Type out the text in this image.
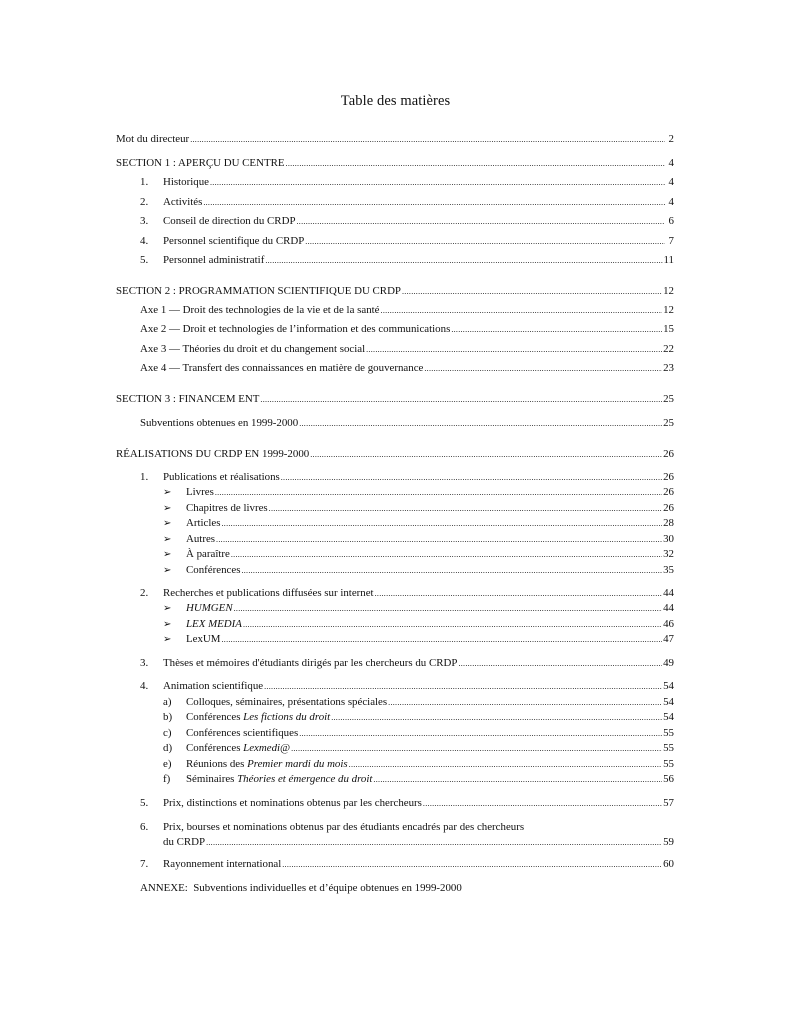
Table des matières
Mot du directeur .....	2
SECTION 1 : APERÇU DU CENTRE .....	4
1.	Historique .....	4
2.	Activités .....	4
3.	Conseil de direction du CRDP .....	6
4.	Personnel scientifique du CRDP .....	7
5.	Personnel administratif .....	11
SECTION 2 : PROGRAMMATION SCIENTIFIQUE DU CRDP .....	12
Axe 1 — Droit des technologies de la vie et de la santé .....	12
Axe 2 — Droit et technologies de l’information et des communications .....	15
Axe 3 — Théories du droit et du changement social .....	22
Axe 4 — Transfert des connaissances en matière de gouvernance .....	23
SECTION 3 : FINANCEM ENT .....	25
Subventions obtenues en 1999-2000 .....	25
RÉALISATIONS DU CRDP EN 1999-2000 .....	26
1.	Publications et réalisations .....	26
➢	Livres .....	26
➢	Chapitres de livres .....	26
➢	Articles .....	28
➢	Autres .....	30
➢	À paraître .....	32
➢	Conférences .....	35
2.	Recherches et publications diffusées sur internet .....	44
➢	HUMGEN .....	44
➢	LEX MEDIA .....	46
➢	LexUM .....	47
3.	Thèses et mémoires d'étudiants dirigés par les chercheurs du CRDP .....	49
4.	Animation scientifique .....	54
a)	Colloques, séminaires, présentations spéciales .....	54
b)	Conférences Les fictions du droit .....	54
c)	Conférences scientifiques .....	55
d)	Conférences Lexmedi@ .....	55
e)	Réunions des Premier mardi du mois .....	55
f)	Séminaires Théories et émergence du droit .....	56
5.	Prix, distinctions et nominations obtenus par les chercheurs .....	57
6. Prix, bourses et nominations obtenus par des étudiants encadrés par des chercheurs
du CRDP .....	59
7.	Rayonnement international .....	60
ANNEXE:  Subventions individuelles et d’équipe obtenues en 1999-2000
